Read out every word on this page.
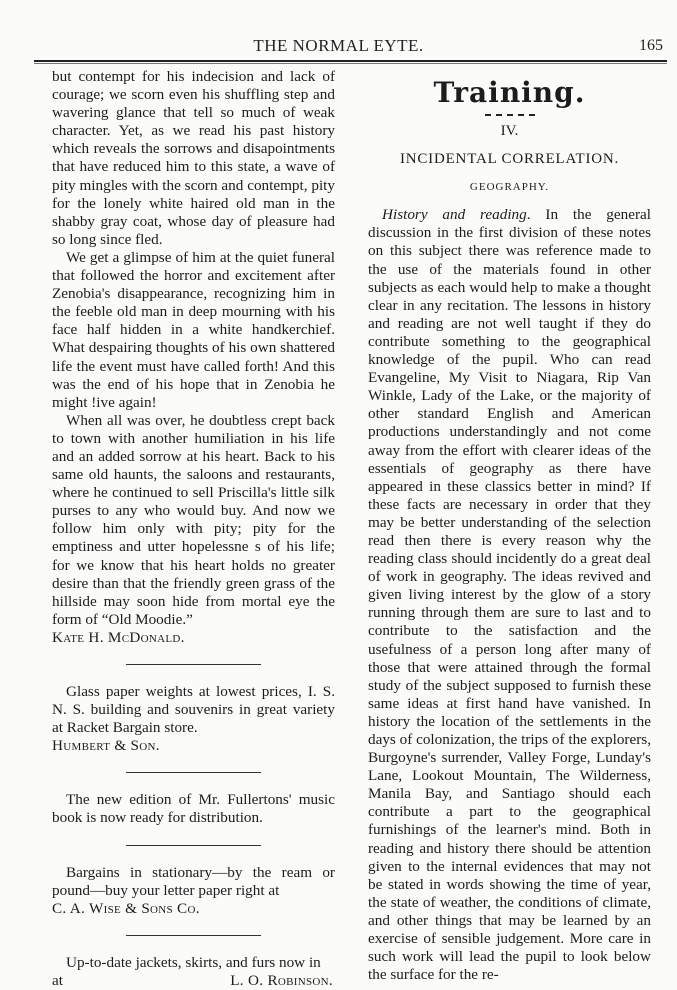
THE NORMAL EYTE.	165

but contempt for his indecision and lack of courage; we scorn even his shuffling step and wavering glance that tell so much of weak character. Yet, as we read his past history which reveals the sorrows and disapointments that have reduced him to this state, a wave of pity mingles with the scorn and contempt, pity for the lonely white haired old man in the shabby gray coat, whose day of pleasure had so long since fled.

We get a glimpse of him at the quiet funeral that followed the horror and excitement after Zenobia's disappearance, recognizing him in the feeble old man in deep mourning with his face half hidden in a white handkerchief. What despairing thoughts of his own shattered life the event must have called forth! And this was the end of his hope that in Zenobia he might !ive again!

When all was over, he doubtless crept back to town with another humiliation in his life and an added sorrow at his heart. Back to his same old haunts, the saloons and restaurants, where he continued to sell Priscilla's little silk purses to any who would buy. And now we follow him only with pity; pity for the emptiness and utter hopelessne s of his life; for we know that his heart holds no greater desire than that the friendly green grass of the hillside may soon hide from mortal eye the form of “Old Moodie.”

Kate H. McDonald.

Glass paper weights at lowest prices, I. S. N. S. building and souvenirs in great variety at Racket Bargain store.

Humbert & Son.

The new edition of Mr. Fullertons' music book is now ready for distribution.

Bargains in stationary—by the ream or pound—buy your letter paper right at

C. A. Wise & Sons Co.

Up-to-date jackets, skirts, and furs now in

at	L. O. Robinson.
Training.
IV.
INCIDENTAL CORRELATION.
GEOGRAPHY.

History and reading. In the general discussion in the first division of these notes on this subject there was reference made to the use of the materials found in other subjects as each would help to make a thought clear in any recitation. The lessons in history and reading are not well taught if they do contribute something to the geographical knowledge of the pupil. Who can read Evangeline, My Visit to Niagara, Rip Van Winkle, Lady of the Lake, or the majority of other standard English and American productions understandingly and not come away from the effort with clearer ideas of the essentials of geography as there have appeared in these classics better in mind? If these facts are necessary in order that they may be better understanding of the selection read then there is every reason why the reading class should incidently do a great deal of work in geography. The ideas revived and given living interest by the glow of a story running through them are sure to last and to contribute to the satisfaction and the usefulness of a person long after many of those that were attained through the formal study of the subject supposed to furnish these same ideas at first hand have vanished. In history the location of the settlements in the days of colonization, the trips of the explorers, Burgoyne's surrender, Valley Forge, Lunday's Lane, Lookout Mountain, The Wilderness, Manila Bay, and Santiago should each contribute a part to the geographical furnishings of the learner's mind. Both in reading and history there should be attention given to the internal evidences that may not be stated in words showing the time of year, the state of weather, the conditions of climate, and other things that may be learned by an exercise of sensible judgement. More care in such work will lead the pupil to look below the surface for the re-
